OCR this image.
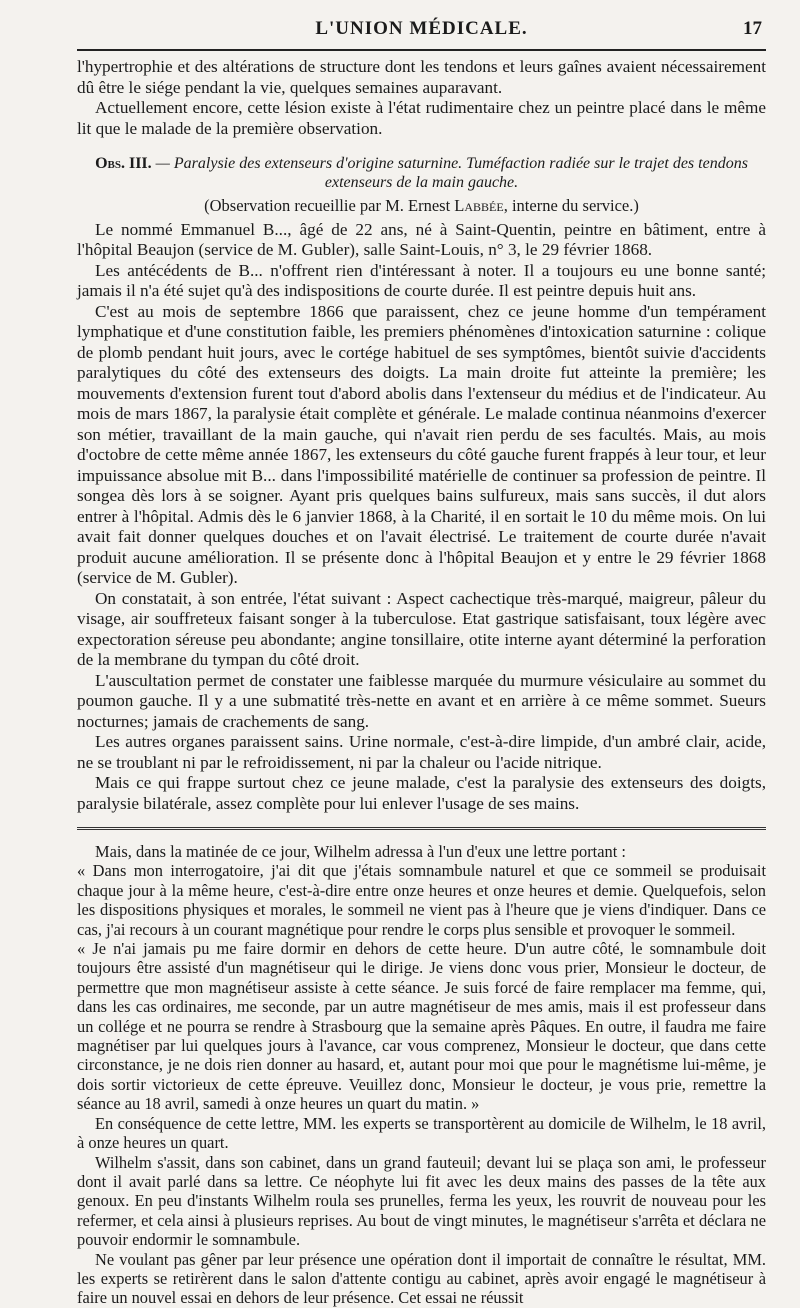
L'UNION MÉDICALE.	17

l'hypertrophie et des altérations de structure dont les tendons et leurs gaînes avaient nécessairement dû être le siége pendant la vie, quelques semaines auparavant.

Actuellement encore, cette lésion existe à l'état rudimentaire chez un peintre placé dans le même lit que le malade de la première observation.

Obs. III. — Paralysie des extenseurs d'origine saturnine. Tuméfaction radiée sur le trajet des tendons extenseurs de la main gauche.
(Observation recueillie par M. Ernest Labbée, interne du service.)

Le nommé Emmanuel B..., âgé de 22 ans, né à Saint-Quentin, peintre en bâtiment, entre à l'hôpital Beaujon (service de M. Gubler), salle Saint-Louis, n° 3, le 29 février 1868.

Les antécédents de B... n'offrent rien d'intéressant à noter. Il a toujours eu une bonne santé; jamais il n'a été sujet qu'à des indispositions de courte durée. Il est peintre depuis huit ans.

C'est au mois de septembre 1866 que paraissent, chez ce jeune homme d'un tempérament lymphatique et d'une constitution faible, les premiers phénomènes d'intoxication saturnine : colique de plomb pendant huit jours, avec le cortége habituel de ses symptômes, bientôt suivie d'accidents paralytiques du côté des extenseurs des doigts. La main droite fut atteinte la première; les mouvements d'extension furent tout d'abord abolis dans l'extenseur du médius et de l'indicateur. Au mois de mars 1867, la paralysie était complète et générale. Le malade continua néanmoins d'exercer son métier, travaillant de la main gauche, qui n'avait rien perdu de ses facultés. Mais, au mois d'octobre de cette même année 1867, les extenseurs du côté gauche furent frappés à leur tour, et leur impuissance absolue mit B... dans l'impossibilité matérielle de continuer sa profession de peintre. Il songea dès lors à se soigner. Ayant pris quelques bains sulfureux, mais sans succès, il dut alors entrer à l'hôpital. Admis dès le 6 janvier 1868, à la Charité, il en sortait le 10 du même mois. On lui avait fait donner quelques douches et on l'avait électrisé. Le traitement de courte durée n'avait produit aucune amélioration. Il se présente donc à l'hôpital Beaujon et y entre le 29 février 1868 (service de M. Gubler).

On constatait, à son entrée, l'état suivant : Aspect cachectique très-marqué, maigreur, pâleur du visage, air souffreteux faisant songer à la tuberculose. Etat gastrique satisfaisant, toux légère avec expectoration séreuse peu abondante; angine tonsillaire, otite interne ayant déterminé la perforation de la membrane du tympan du côté droit.

L'auscultation permet de constater une faiblesse marquée du murmure vésiculaire au sommet du poumon gauche. Il y a une submatité très-nette en avant et en arrière à ce même sommet. Sueurs nocturnes; jamais de crachements de sang.

Les autres organes paraissent sains. Urine normale, c'est-à-dire limpide, d'un ambré clair, acide, ne se troublant ni par le refroidissement, ni par la chaleur ou l'acide nitrique.

Mais ce qui frappe surtout chez ce jeune malade, c'est la paralysie des extenseurs des doigts, paralysie bilatérale, assez complète pour lui enlever l'usage de ses mains.

Mais, dans la matinée de ce jour, Wilhelm adressa à l'un d'eux une lettre portant :

« Dans mon interrogatoire, j'ai dit que j'étais somnambule naturel et que ce sommeil se produisait chaque jour à la même heure, c'est-à-dire entre onze heures et onze heures et demie. Quelquefois, selon les dispositions physiques et morales, le sommeil ne vient pas à l'heure que je viens d'indiquer. Dans ce cas, j'ai recours à un courant magnétique pour rendre le corps plus sensible et provoquer le sommeil.

« Je n'ai jamais pu me faire dormir en dehors de cette heure. D'un autre côté, le somnambule doit toujours être assisté d'un magnétiseur qui le dirige. Je viens donc vous prier, Monsieur le docteur, de permettre que mon magnétiseur assiste à cette séance. Je suis forcé de faire remplacer ma femme, qui, dans les cas ordinaires, me seconde, par un autre magnétiseur de mes amis, mais il est professeur dans un collége et ne pourra se rendre à Strasbourg que la semaine après Pâques. En outre, il faudra me faire magnétiser par lui quelques jours à l'avance, car vous comprenez, Monsieur le docteur, que dans cette circonstance, je ne dois rien donner au hasard, et, autant pour moi que pour le magnétisme lui-même, je dois sortir victorieux de cette épreuve. Veuillez donc, Monsieur le docteur, je vous prie, remettre la séance au 18 avril, samedi à onze heures un quart du matin. »

En conséquence de cette lettre, MM. les experts se transportèrent au domicile de Wilhelm, le 18 avril, à onze heures un quart.

Wilhelm s'assit, dans son cabinet, dans un grand fauteuil; devant lui se plaça son ami, le professeur dont il avait parlé dans sa lettre. Ce néophyte lui fit avec les deux mains des passes de la tête aux genoux. En peu d'instants Wilhelm roula ses prunelles, ferma les yeux, les rouvrit de nouveau pour les refermer, et cela ainsi à plusieurs reprises. Au bout de vingt minutes, le magnétiseur s'arrêta et déclara ne pouvoir endormir le somnambule.

Ne voulant pas gêner par leur présence une opération dont il importait de connaître le résultat, MM. les experts se retirèrent dans le salon d'attente contigu au cabinet, après avoir engagé le magnétiseur à faire un nouvel essai en dehors de leur présence. Cet essai ne réussit
